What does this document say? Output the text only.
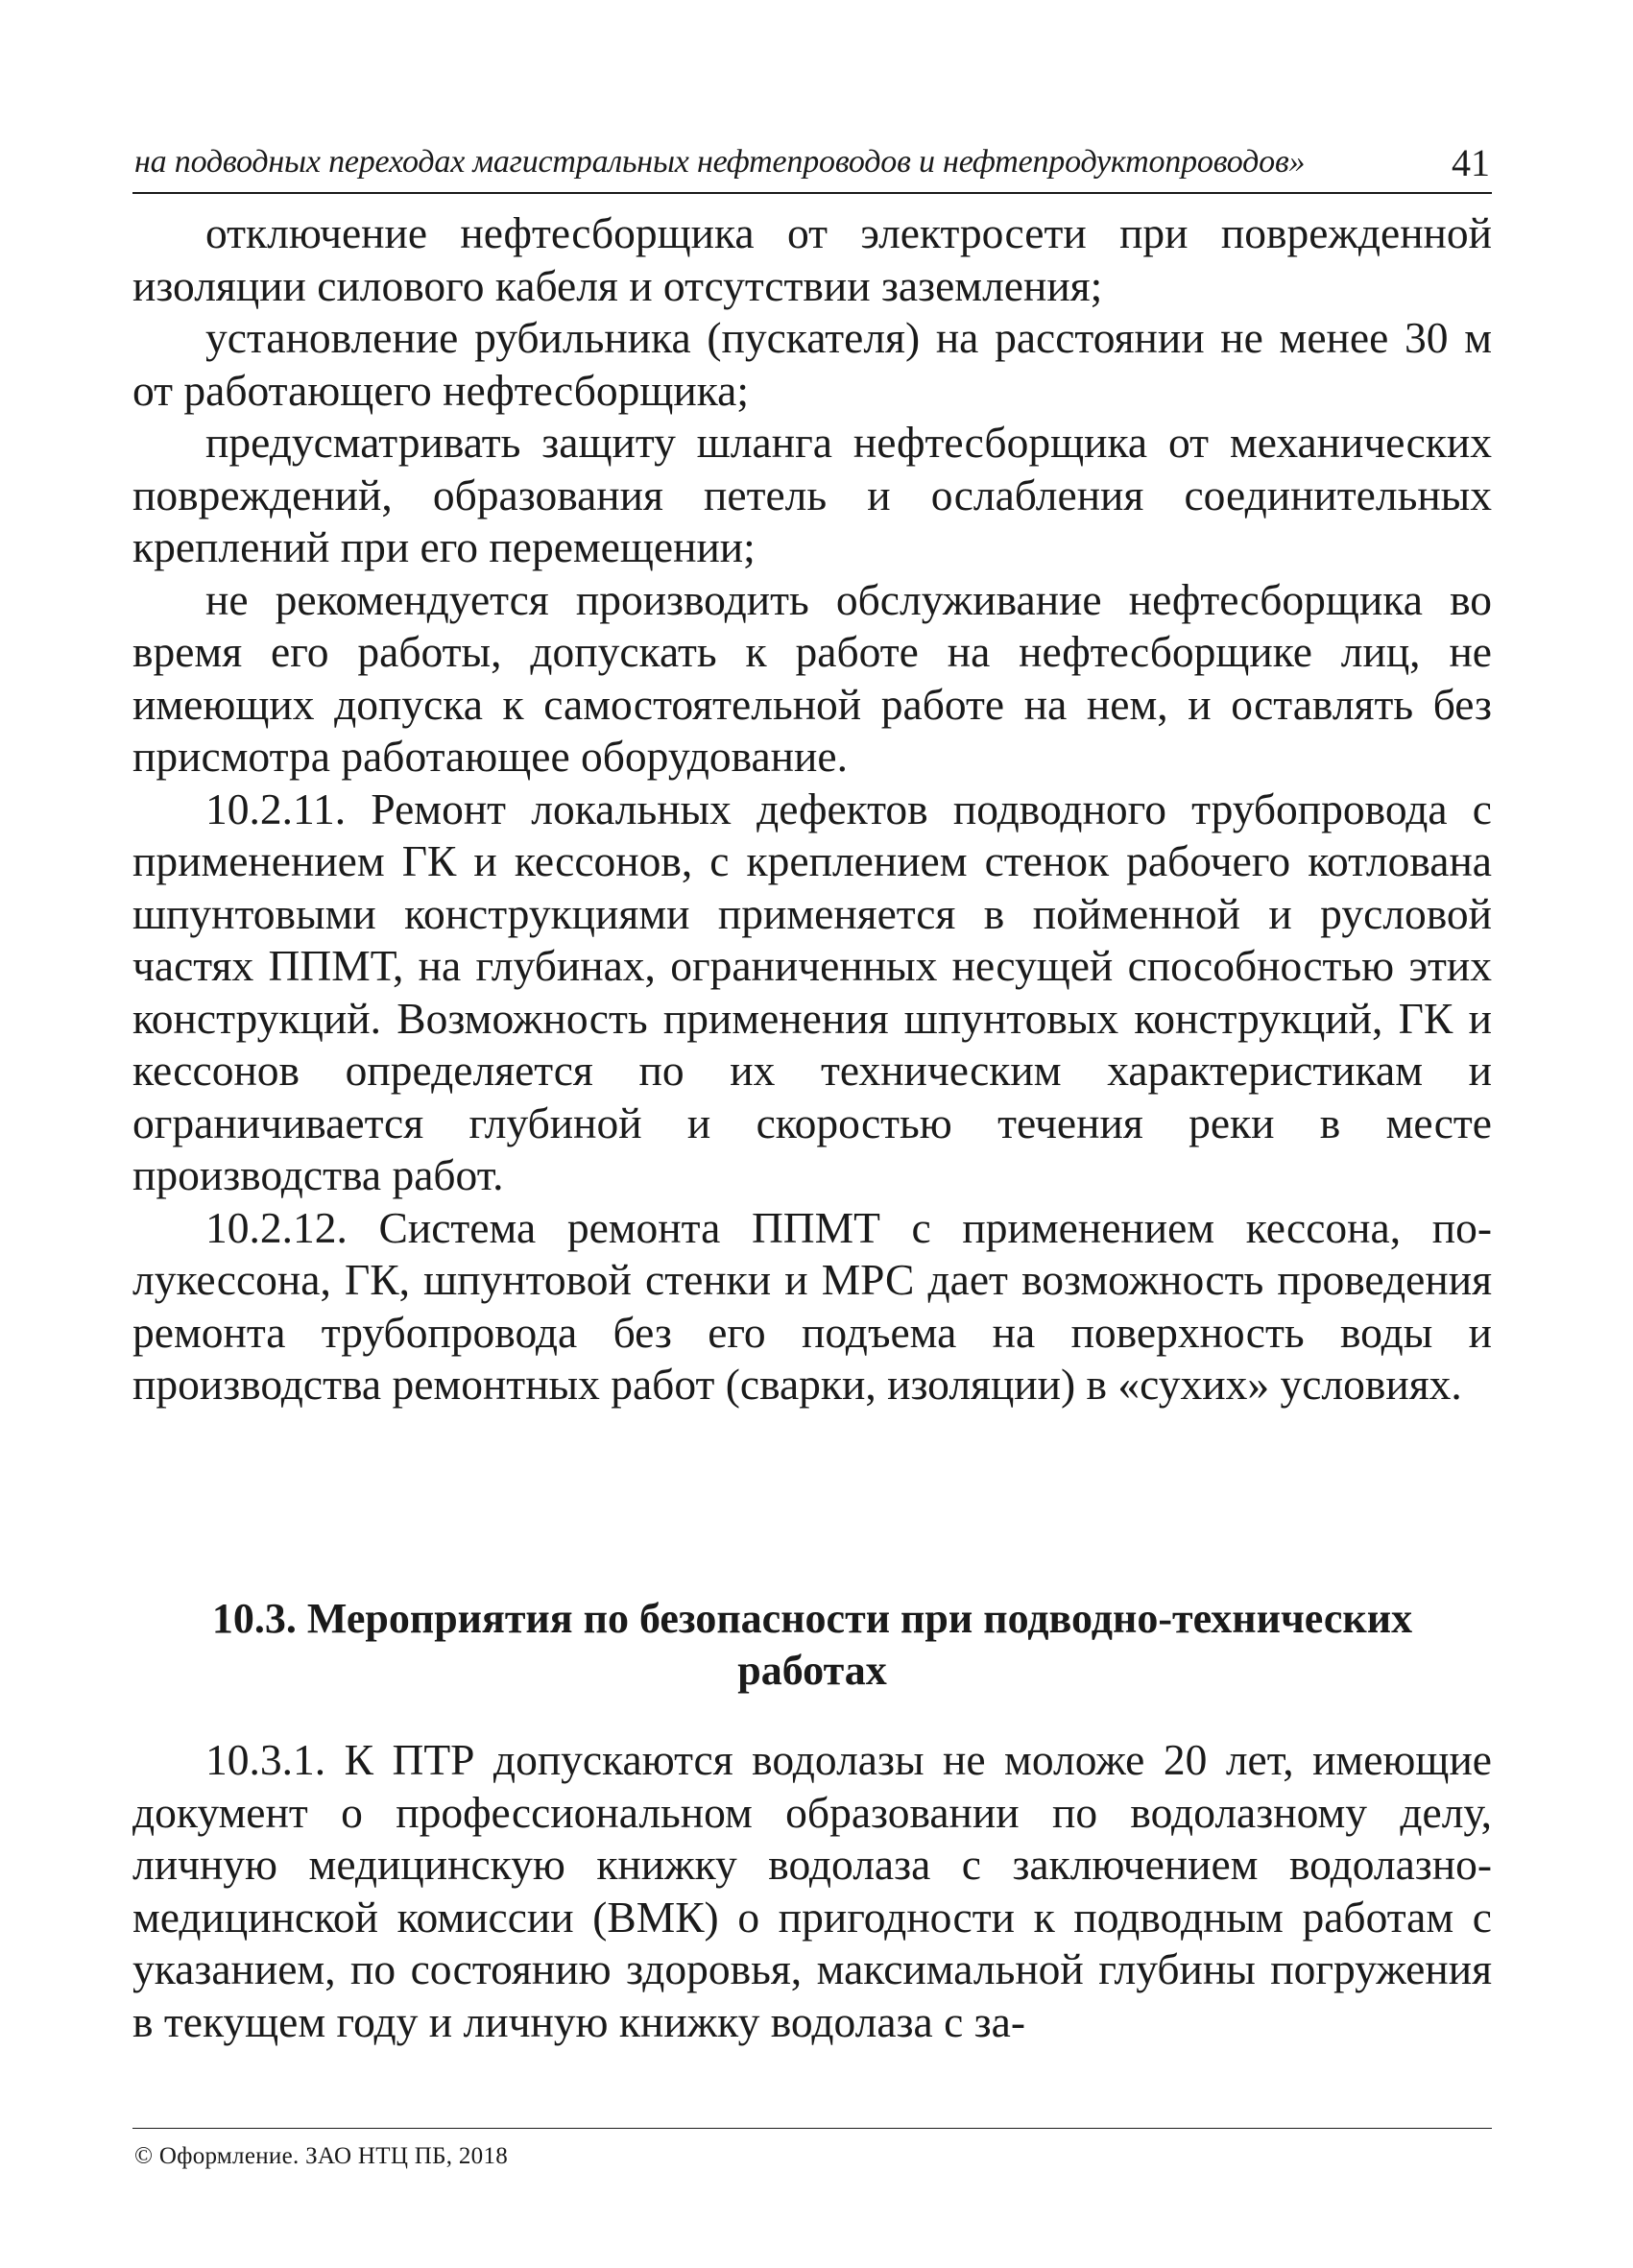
на подводных переходах магистральных нефтепроводов и нефтепродуктопроводов»	41

отключение нефтесборщика от электросети при поврежденной изоляции силового кабеля и отсутствии заземления;

установление рубильника (пускателя) на расстоянии не менее 30 м от работающего нефтесборщика;

предусматривать защиту шланга нефтесборщика от механических повреждений, образования петель и ослабления соединительных креплений при его перемещении;

не рекомендуется производить обслуживание нефтесборщика во время его работы, допускать к работе на нефтесборщике лиц, не имеющих допуска к самостоятельной работе на нем, и оставлять без присмотра работающее оборудование.

10.2.11. Ремонт локальных дефектов подводного трубопровода с применением ГК и кессонов, с креплением стенок рабочего котлована шпунтовыми конструкциями применяется в пойменной и русловой частях ППМТ, на глубинах, ограниченных несущей способностью этих конструкций. Возможность применения шпунтовых конструкций, ГК и кессонов определяется по их техническим характеристикам и ограничивается глубиной и скоростью течения реки в месте производства работ.

10.2.12. Система ремонта ППМТ с применением кессона, полукессона, ГК, шпунтовой стенки и МРС дает возможность проведения ремонта трубопровода без его подъема на поверхность воды и производства ремонтных работ (сварки, изоляции) в «сухих» условиях.

10.3. Мероприятия по безопасности при подводно-технических
работах

10.3.1. К ПТР допускаются водолазы не моложе 20 лет, имеющие документ о профессиональном образовании по водолазному делу, личную медицинскую книжку водолаза с заключением водолазно-медицинской комиссии (ВМК) о пригодности к подводным работам с указанием, по состоянию здоровья, максимальной глубины погружения в текущем году и личную книжку водолаза с за-

© Оформление. ЗАО НТЦ ПБ, 2018
